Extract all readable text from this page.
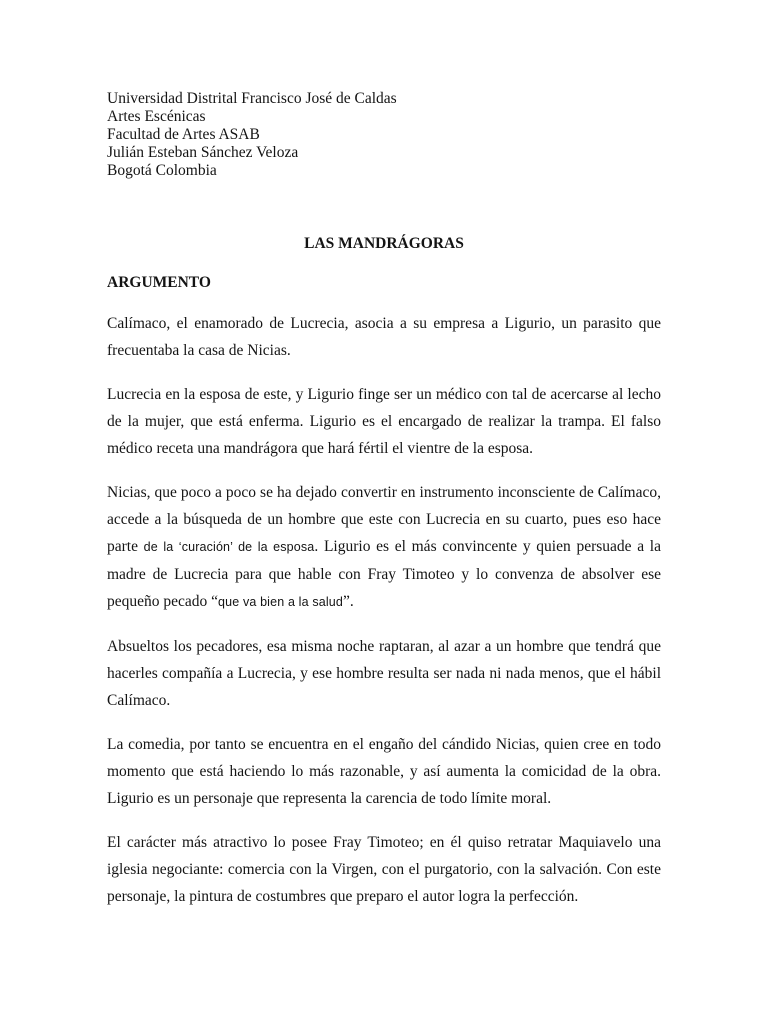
Universidad Distrital Francisco José de Caldas
Artes Escénicas
Facultad de Artes ASAB
Julián Esteban Sánchez Veloza
Bogotá Colombia
LAS MANDRÁGORAS
ARGUMENTO

Calímaco, el enamorado de Lucrecia, asocia a su empresa a Ligurio, un parasito que frecuentaba la casa de Nicias.

Lucrecia en la esposa de este, y Ligurio finge ser un médico con tal de acercarse al lecho de la mujer, que está enferma. Ligurio es el encargado de realizar la trampa. El falso médico receta una mandrágora que hará fértil el vientre de la esposa.

Nicias, que poco a poco se ha dejado convertir en instrumento inconsciente de Calímaco, accede a la búsqueda de un hombre que este con Lucrecia en su cuarto, pues eso hace parte de la ‘curación’ de la esposa. Ligurio es el más convincente y quien persuade a la madre de Lucrecia para que hable con Fray Timoteo y lo convenza de absolver ese pequeño pecado “que va bien a la salud”.

Absueltos los pecadores, esa misma noche raptaran, al azar a un hombre que tendrá que hacerles compañía a Lucrecia, y ese hombre resulta ser nada ni nada menos, que el hábil Calímaco.

La comedia, por tanto se encuentra en el engaño del cándido Nicias, quien cree en todo momento que está haciendo lo más razonable, y así aumenta la comicidad de la obra. Ligurio es un personaje que representa la carencia de todo límite moral.

El carácter más atractivo lo posee Fray Timoteo; en él quiso retratar Maquiavelo una iglesia negociante: comercia con la Virgen, con el purgatorio, con la salvación. Con este personaje, la pintura de costumbres que preparo el autor logra la perfección.
